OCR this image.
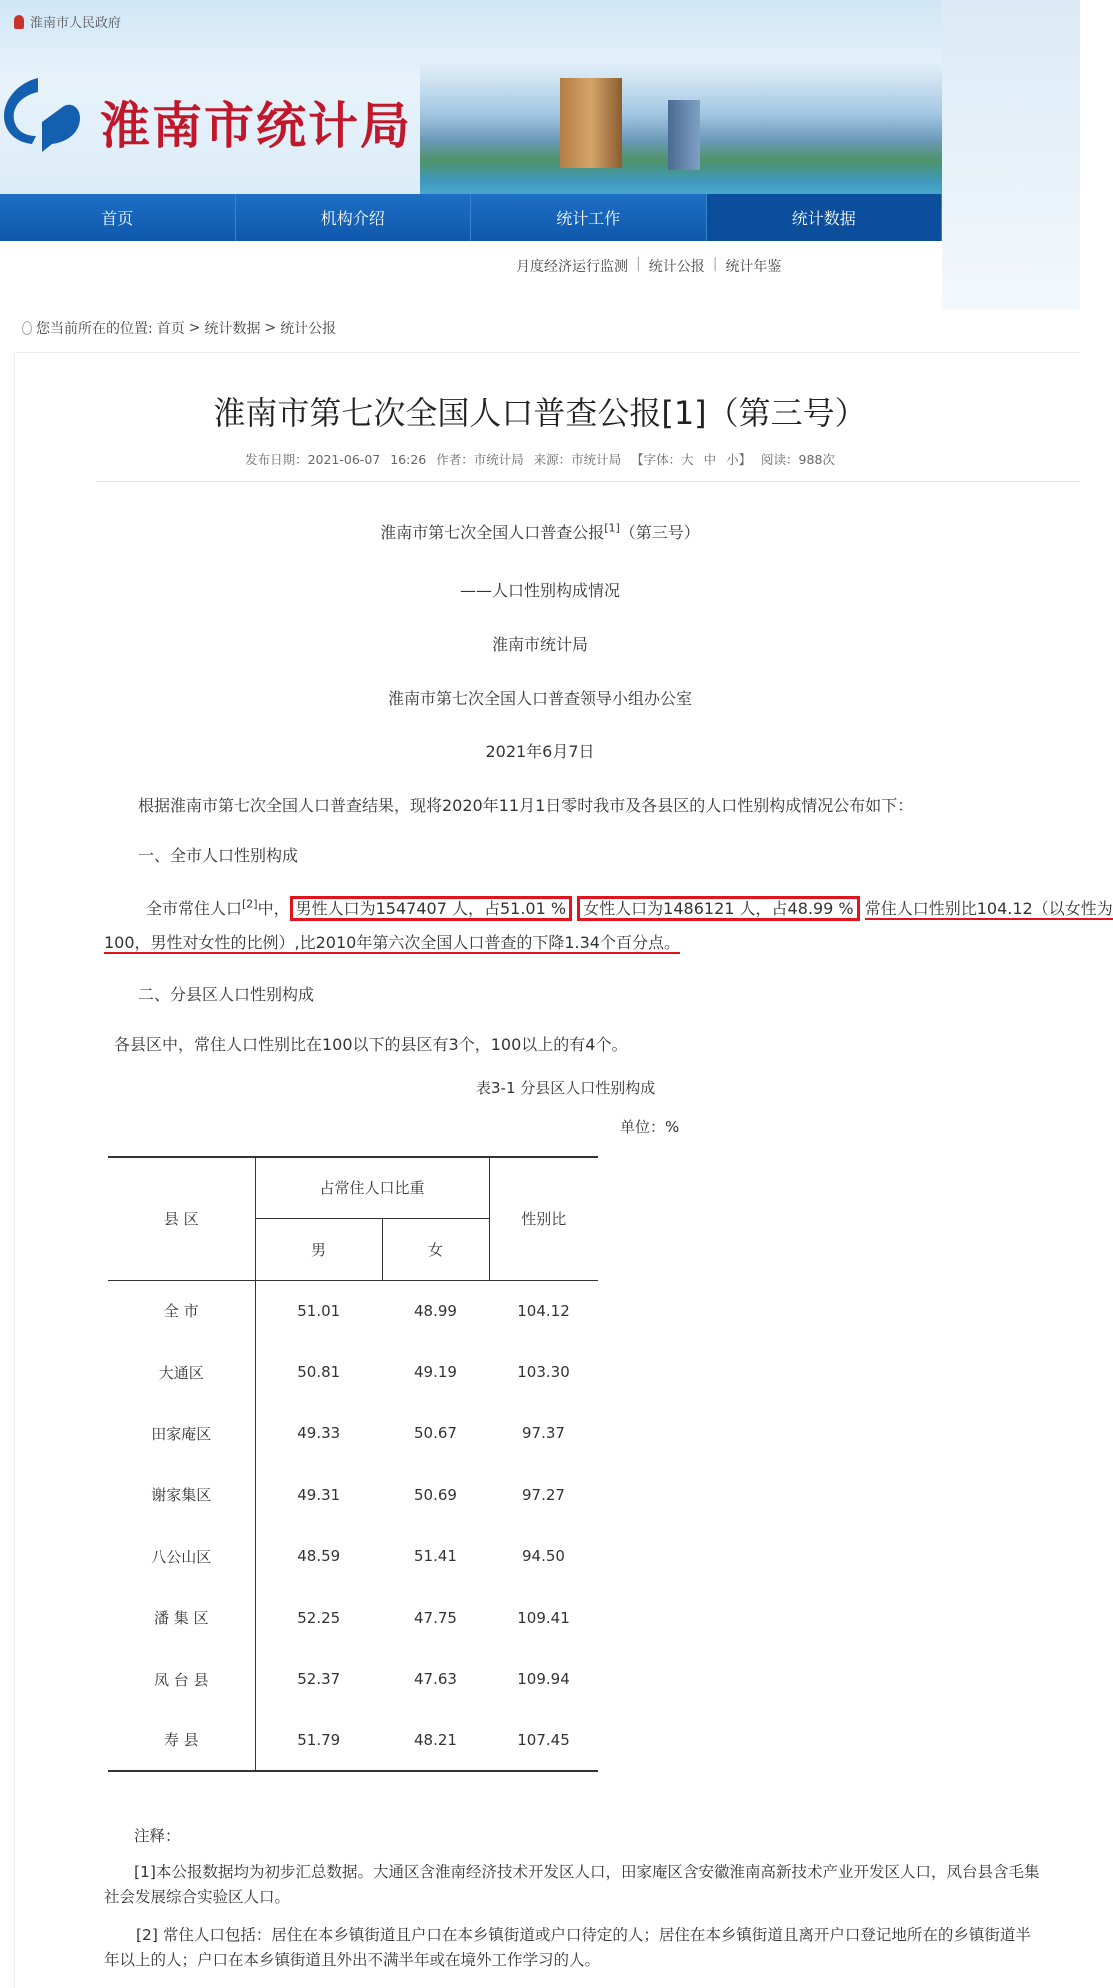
淮南市人民政府
淮南市统计局
首页	机构介绍	统计工作	统计数据
月度经济运行监测 | 统计公报 | 统计年鉴
您当前所在的位置: 首页 > 统计数据 > 统计公报
淮南市第七次全国人口普查公报[1]（第三号）
发布日期：2021-06-07 16:26 作者：市统计局 来源：市统计局 【字体：大 中 小】 阅读：988次
淮南市第七次全国人口普查公报[1]（第三号）
——人口性别构成情况
淮南市统计局
淮南市第七次全国人口普查领导小组办公室
2021年6月7日
根据淮南市第七次全国人口普查结果，现将2020年11月1日零时我市及各县区的人口性别构成情况公布如下：
一、全市人口性别构成
全市常住人口[2]中， 男性人口为1547407 人，占51.01 % 女性人口为1486121 人，占48.99 % 常住人口性别比104.12（以女性为
100，男性对女性的比例）,比2010年第六次全国人口普查的下降1.34个百分点。
二、分县区人口性别构成
各县区中，常住人口性别比在100以下的县区有3个，100以上的有4个。
表3-1 分县区人口性别构成
单位：%
县 区	占常住人口比重		性别比
	男	女	
全 市	51.01	48.99	104.12
大通区	50.81	49.19	103.30
田家庵区	49.33	50.67	97.37
谢家集区	49.31	50.69	97.27
八公山区	48.59	51.41	94.50
潘 集 区	52.25	47.75	109.41
凤 台 县	52.37	47.63	109.94
寿 县	51.79	48.21	107.45
注释：
[1]本公报数据均为初步汇总数据。大通区含淮南经济技术开发区人口，田家庵区含安徽淮南高新技术产业开发区人口，凤台县含毛集社会发展综合实验区人口。
[2] 常住人口包括：居住在本乡镇街道且户口在本乡镇街道或户口待定的人；居住在本乡镇街道且离开户口登记地所在的乡镇街道半年以上的人；户口在本乡镇街道且外出不满半年或在境外工作学习的人。
